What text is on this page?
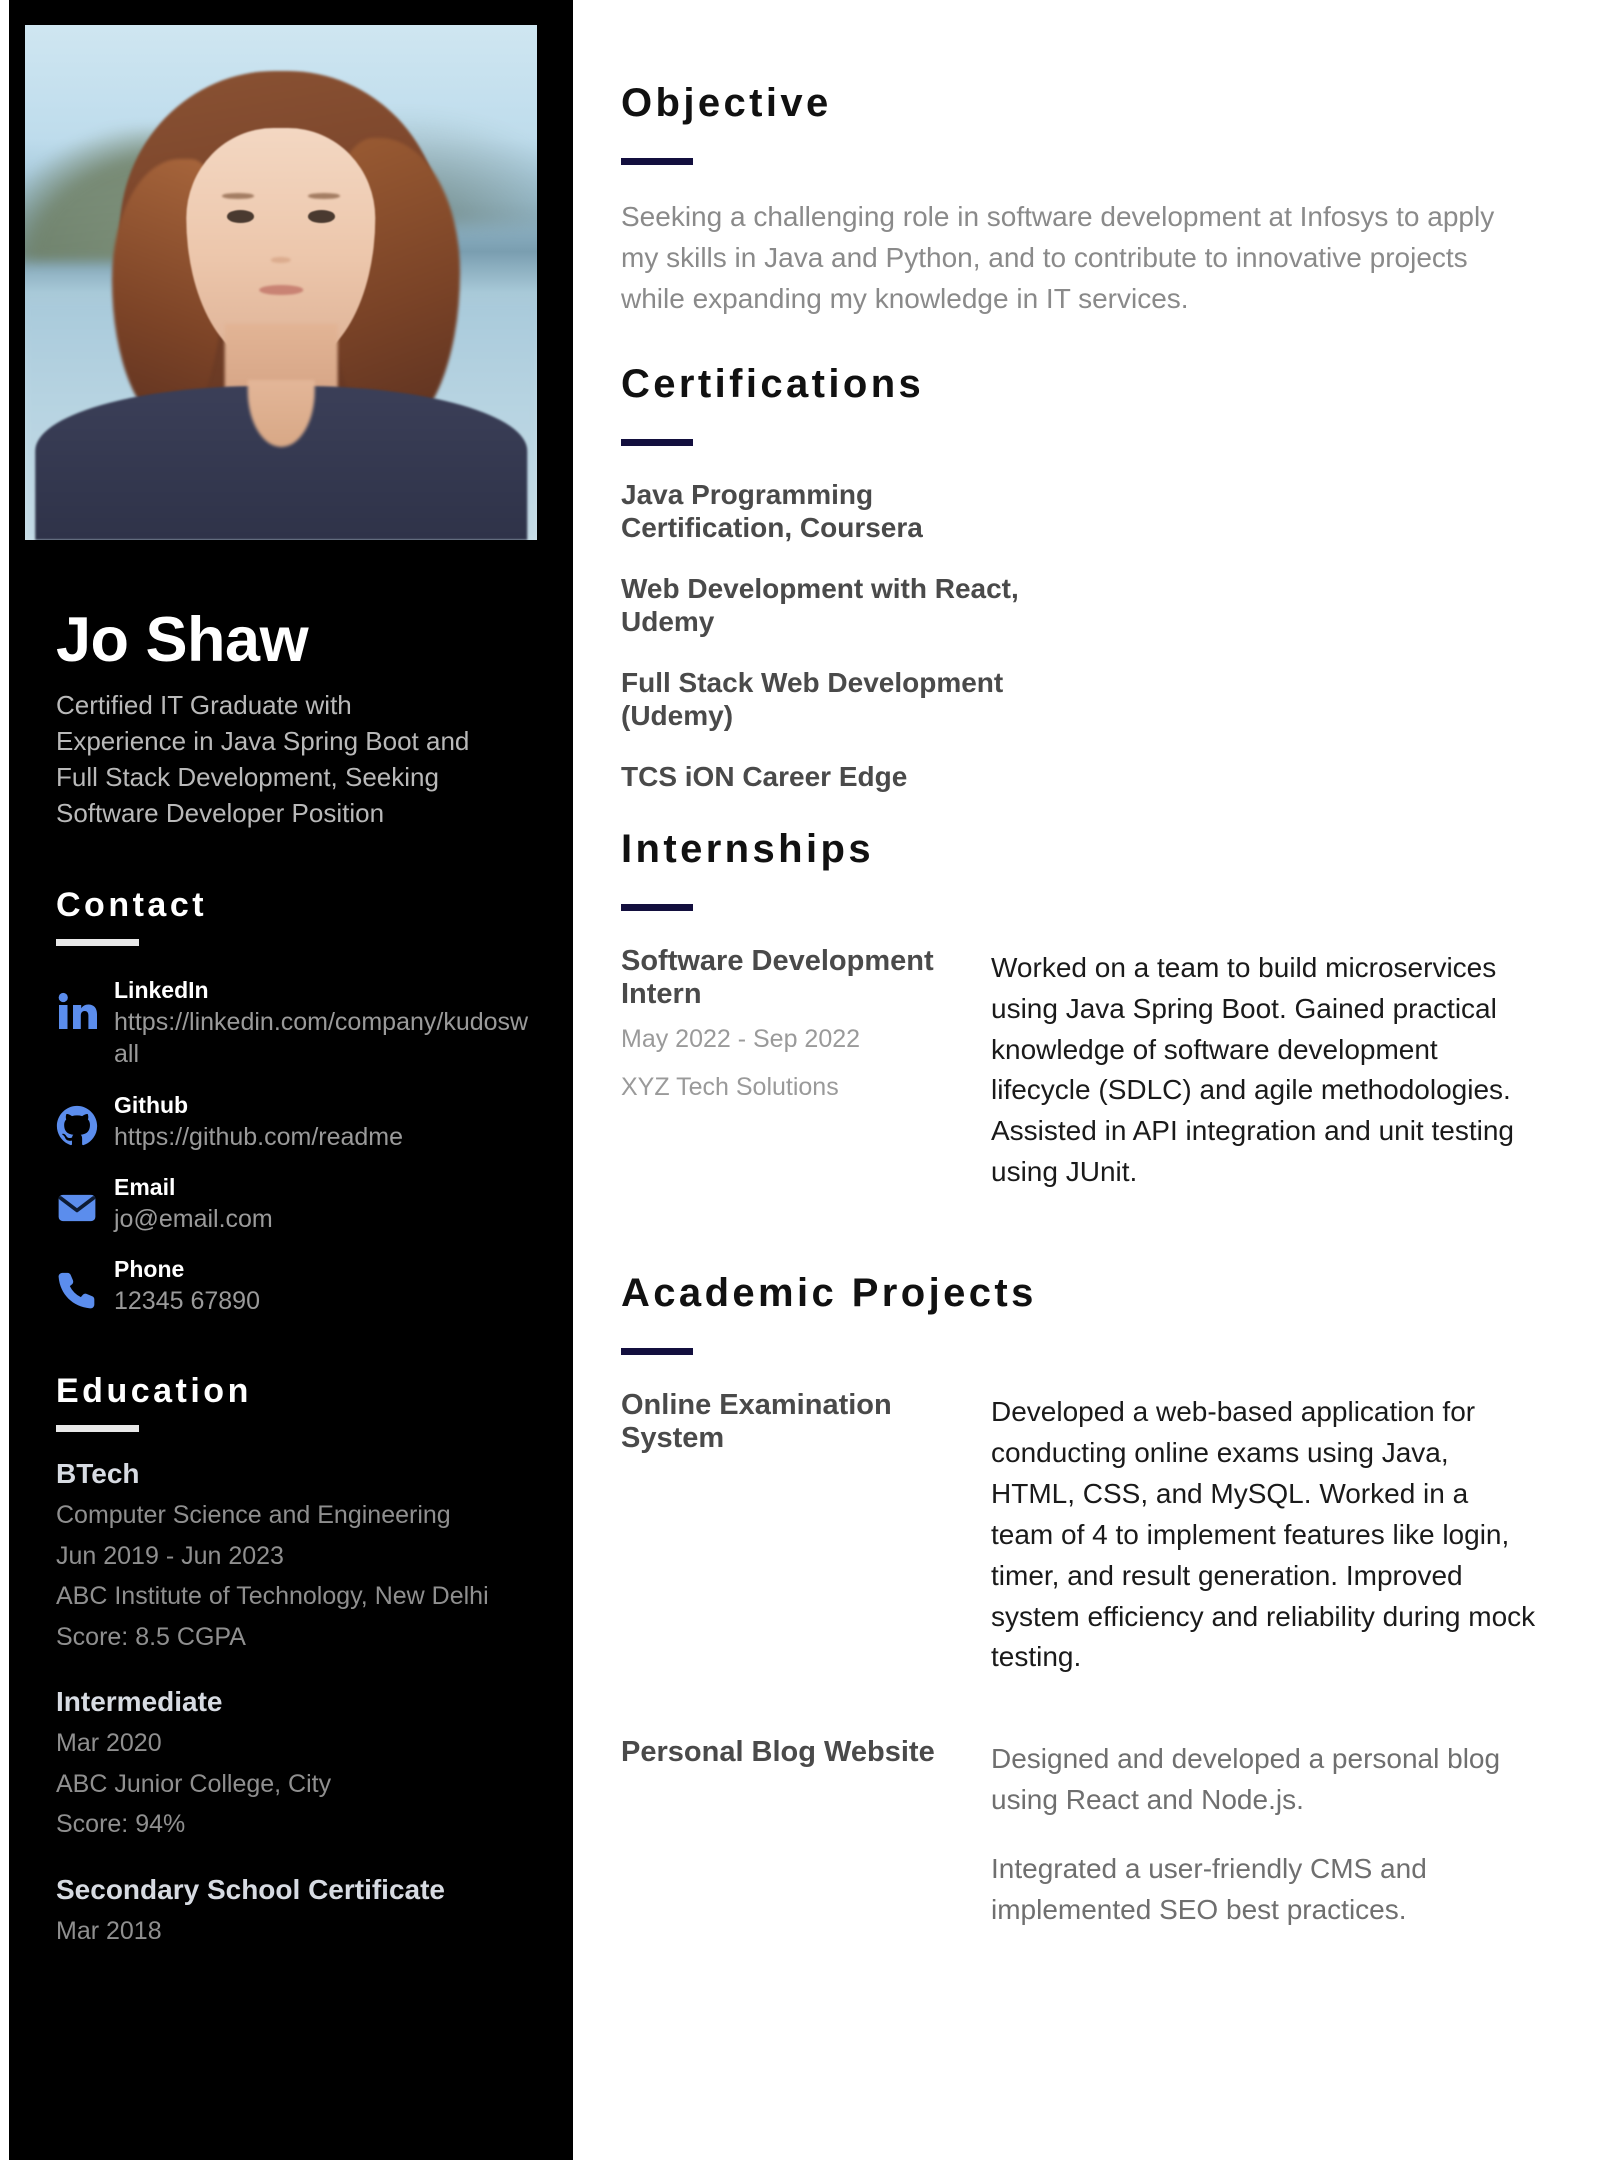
Jo Shaw

Certified IT Graduate with Experience in Java Spring Boot and Full Stack Development, Seeking Software Developer Position

Contact
LinkedIn
https://linkedin.com/company/kudoswall
Github
https://github.com/readme
Email
jo@email.com
Phone
12345 67890
Education
BTech
Computer Science and Engineering
Jun 2019 - Jun 2023
ABC Institute of Technology, New Delhi
Score: 8.5 CGPA
Intermediate
Mar 2020
ABC Junior College, City
Score: 94%
Secondary School Certificate
Mar 2018
Objective

Seeking a challenging role in software development at Infosys to apply my skills in Java and Python, and to contribute to innovative projects while expanding my knowledge in IT services.

Certifications
Java Programming Certification, Coursera
Web Development with React, Udemy
Full Stack Web Development (Udemy)
TCS iON Career Edge
Internships
Software Development Intern
May 2022 - Sep 2022
XYZ Tech Solutions
Worked on a team to build microservices using Java Spring Boot. Gained practical knowledge of software development lifecycle (SDLC) and agile methodologies. Assisted in API integration and unit testing using JUnit.
Academic Projects
Online Examination System
Developed a web-based application for conducting online exams using Java, HTML, CSS, and MySQL. Worked in a team of 4 to implement features like login, timer, and result generation. Improved system efficiency and reliability during mock testing.
Personal Blog Website	Designed and developed a personal blog using React and Node.js.
Integrated a user-friendly CMS and implemented SEO best practices.
